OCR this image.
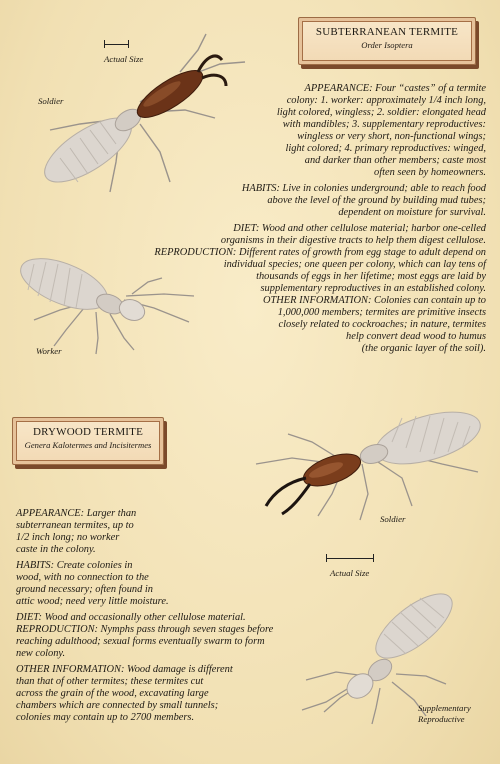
SUBTERRANEAN TERMITE
Order Isoptera
Actual Size
Soldier
Worker

APPEARANCE: Four “castes” of a termite
colony: 1. worker: approximately 1/4 inch long,
light colored, wingless; 2. soldier: elongated head
with mandibles; 3. supplementary reproductives:
wingless or very short, non-functional wings;
light colored; 4. primary reproductives: winged,
and darker than other members; caste most
often seen by homeowners.

HABITS: Live in colonies underground; able to reach food
above the level of the ground by building mud tubes;
dependent on moisture for survival.

DIET: Wood and other cellulose material; harbor one-celled
organisms in their digestive tracts to help them digest cellulose.

REPRODUCTION: Different rates of growth from egg stage to adult depend on
individual species; one queen per colony, which can lay tens of
thousands of eggs in her lifetime; most eggs are laid by
supplementary reproductives in an established colony.

OTHER INFORMATION: Colonies can contain up to
1,000,000 members; termites are primitive insects
closely related to cockroaches; in nature, termites
help convert dead wood to humus
(the organic layer of the soil).

DRYWOOD TERMITE
Genera Kalotermes and Incisitermes
Soldier
Actual Size
Supplementary
Reproductive

APPEARANCE: Larger than
subterranean termites, up to
1/2 inch long; no worker
caste in the colony.

HABITS: Create colonies in
wood, with no connection to the
ground necessary; often found in
attic wood; need very little moisture.

DIET: Wood and occasionally other cellulose material.

REPRODUCTION: Nymphs pass through seven stages before
reaching adulthood; sexual forms eventually swarm to form
new colony.

OTHER INFORMATION: Wood damage is different
than that of other termites; these termites cut
across the grain of the wood, excavating large
chambers which are connected by small tunnels;
colonies may contain up to 2700 members.
